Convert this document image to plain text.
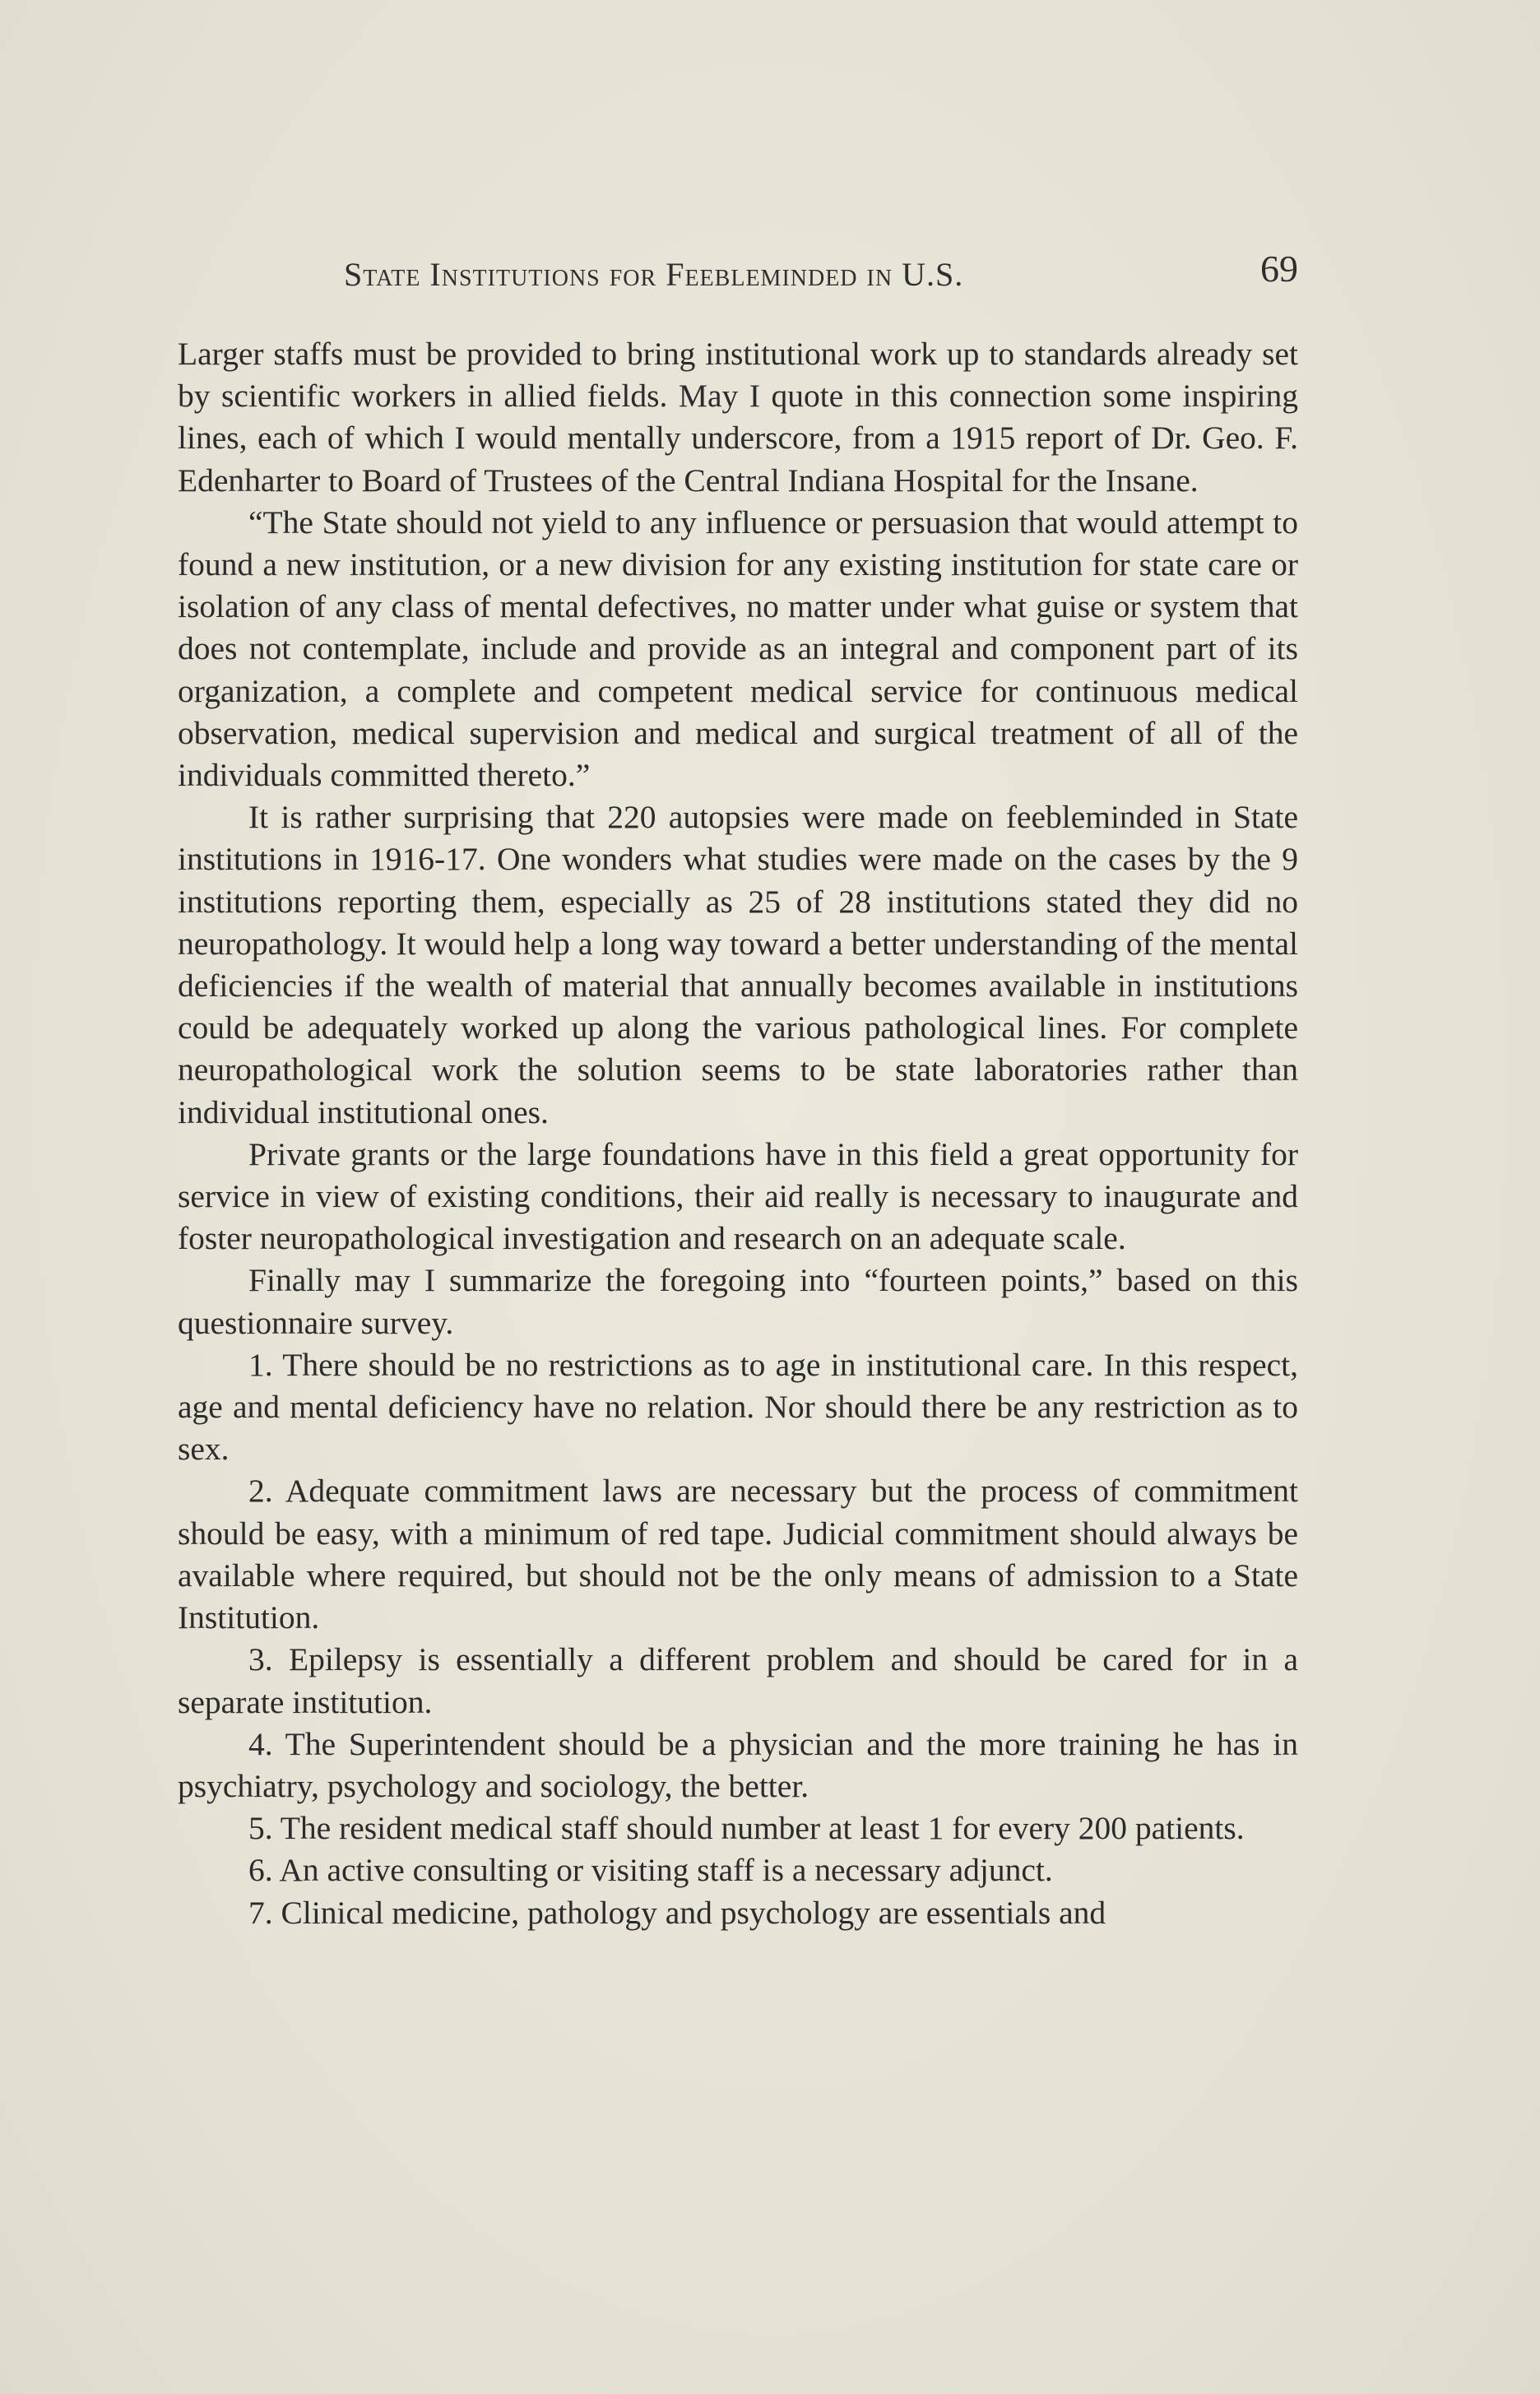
State Institutions for Feebleminded in U.S.	69

Larger staffs must be provided to bring institutional work up to standards already set by scientific workers in allied fields. May I quote in this connection some inspiring lines, each of which I would mentally underscore, from a 1915 report of Dr. Geo. F. Edenharter to Board of Trustees of the Central Indiana Hospital for the Insane.

“The State should not yield to any influence or persuasion that would attempt to found a new institution, or a new division for any existing institution for state care or isolation of any class of mental defectives, no matter under what guise or system that does not contemplate, include and provide as an integral and component part of its organization, a complete and competent medical service for continuous medical observation, medical supervision and medical and surgical treatment of all of the individuals committed thereto.”

It is rather surprising that 220 autopsies were made on feebleminded in State institutions in 1916-17. One wonders what studies were made on the cases by the 9 institutions reporting them, especially as 25 of 28 institutions stated they did no neuropathology. It would help a long way toward a better understanding of the mental deficiencies if the wealth of material that annually becomes available in institutions could be adequately worked up along the various pathological lines. For complete neuropathological work the solution seems to be state laboratories rather than individual institutional ones.

Private grants or the large foundations have in this field a great opportunity for service in view of existing conditions, their aid really is necessary to inaugurate and foster neuropathological investigation and research on an adequate scale.

Finally may I summarize the foregoing into “fourteen points,” based on this questionnaire survey.

1. There should be no restrictions as to age in institutional care. In this respect, age and mental deficiency have no relation. Nor should there be any restriction as to sex.

2. Adequate commitment laws are necessary but the process of commitment should be easy, with a minimum of red tape. Judicial commitment should always be available where required, but should not be the only means of admission to a State Institution.

3. Epilepsy is essentially a different problem and should be cared for in a separate institution.

4. The Superintendent should be a physician and the more training he has in psychiatry, psychology and sociology, the better.

5. The resident medical staff should number at least 1 for every 200 patients.

6. An active consulting or visiting staff is a necessary adjunct.

7. Clinical medicine, pathology and psychology are essentials and
